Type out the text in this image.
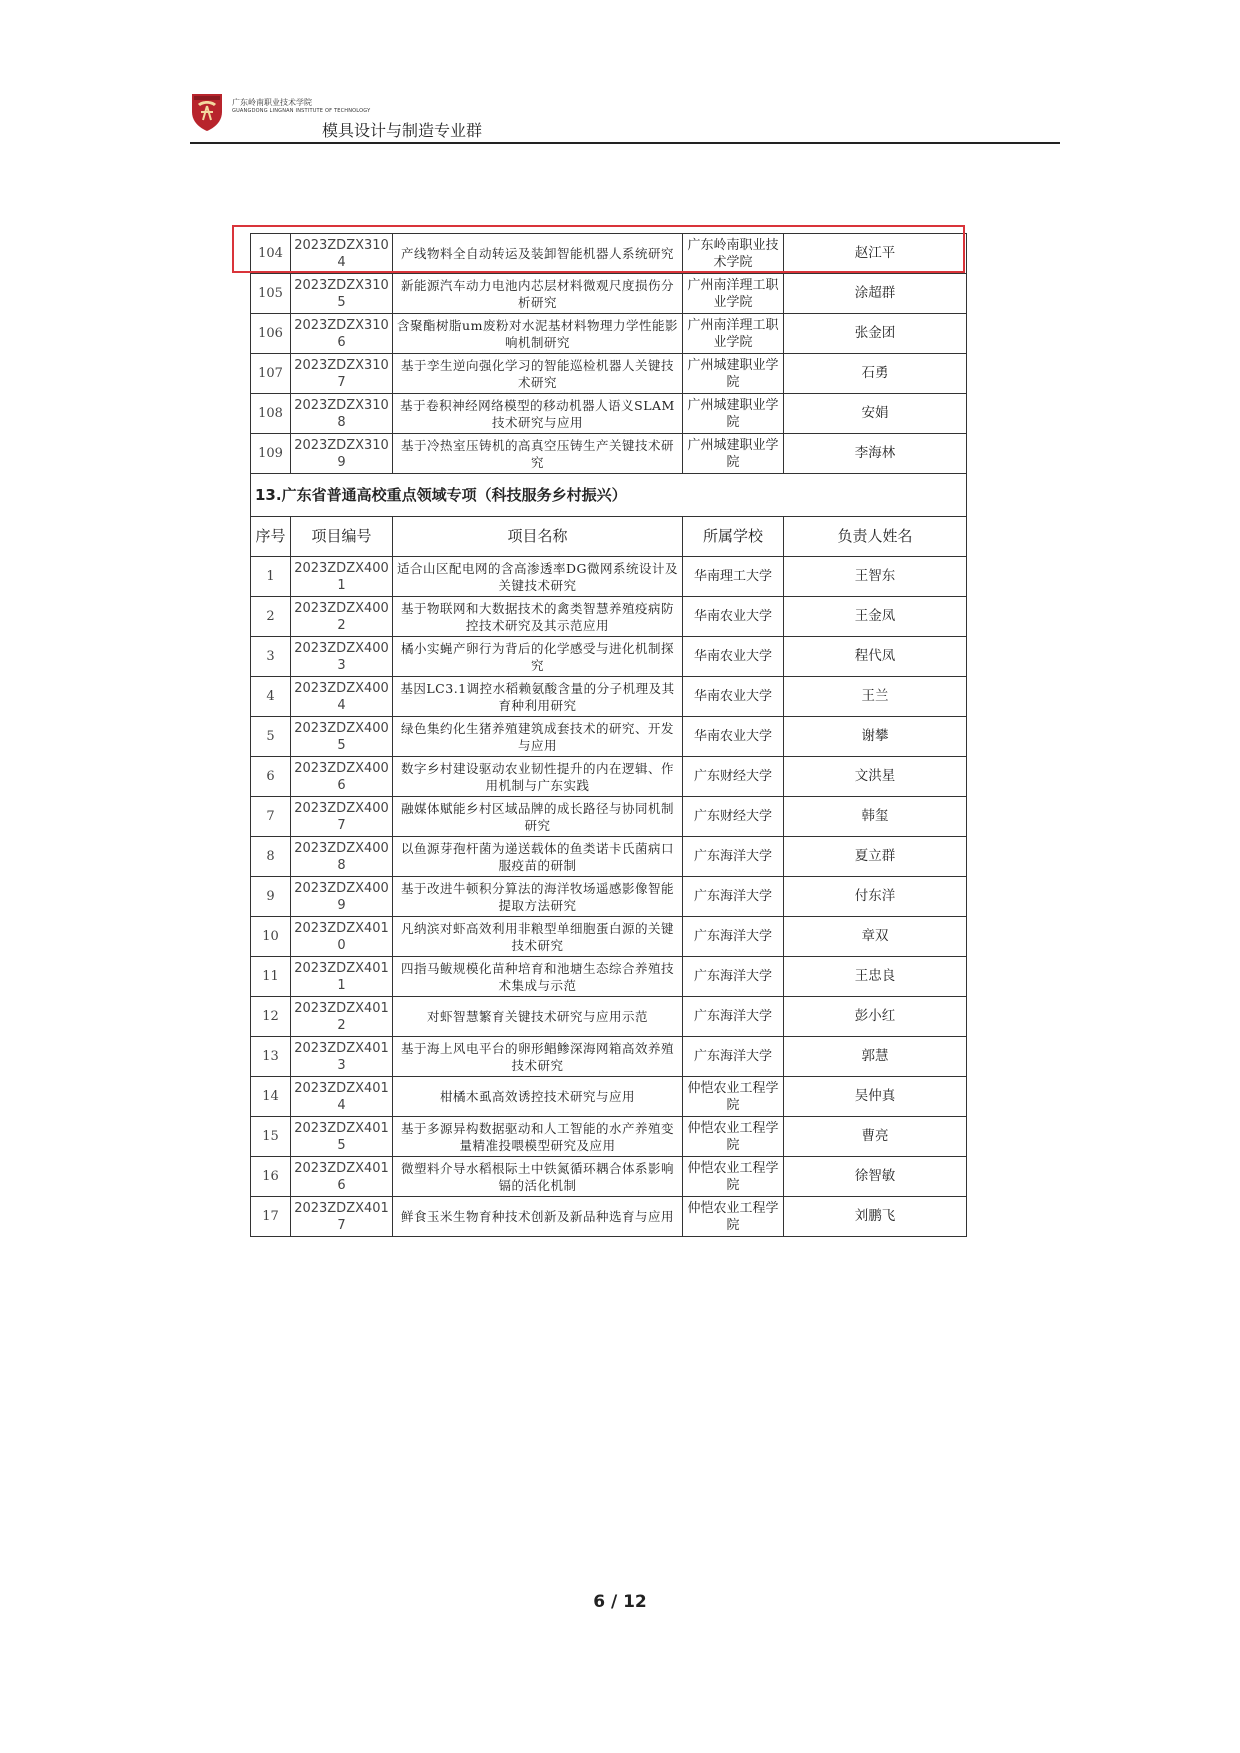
广东岭南职业技术学院
GUANGDONG LINGNAN INSTITUTE OF TECHNOLOGY
模具设计与制造专业群
104	2023ZDZX3104	产线物料全自动转运及装卸智能机器人系统研究	广东岭南职业技术学院	赵江平
105	2023ZDZX3105	新能源汽车动力电池内芯层材料微观尺度损伤分析研究	广州南洋理工职业学院	涂超群
106	2023ZDZX3106	含聚酯树脂um废粉对水泥基材料物理力学性能影响机制研究	广州南洋理工职业学院	张金团
107	2023ZDZX3107	基于孪生逆向强化学习的智能巡检机器人关键技术研究	广州城建职业学院	石勇
108	2023ZDZX3108	基于卷积神经网络模型的移动机器人语义SLAM技术研究与应用	广州城建职业学院	安娟
109	2023ZDZX3109	基于冷热室压铸机的高真空压铸生产关键技术研究	广州城建职业学院	李海林
13.广东省普通高校重点领域专项（科技服务乡村振兴）				
序号	项目编号	项目名称	所属学校	负责人姓名
1	2023ZDZX4001	适合山区配电网的含高渗透率DG微网系统设计及关键技术研究	华南理工大学	王智东
2	2023ZDZX4002	基于物联网和大数据技术的禽类智慧养殖疫病防控技术研究及其示范应用	华南农业大学	王金凤
3	2023ZDZX4003	橘小实蝇产卵行为背后的化学感受与进化机制探究	华南农业大学	程代凤
4	2023ZDZX4004	基因LC3.1调控水稻赖氨酸含量的分子机理及其育种利用研究	华南农业大学	王兰
5	2023ZDZX4005	绿色集约化生猪养殖建筑成套技术的研究、开发与应用	华南农业大学	谢攀
6	2023ZDZX4006	数字乡村建设驱动农业韧性提升的内在逻辑、作用机制与广东实践	广东财经大学	文洪星
7	2023ZDZX4007	融媒体赋能乡村区域品牌的成长路径与协同机制研究	广东财经大学	韩玺
8	2023ZDZX4008	以鱼源芽孢杆菌为递送载体的鱼类诺卡氏菌病口服疫苗的研制	广东海洋大学	夏立群
9	2023ZDZX4009	基于改进牛顿积分算法的海洋牧场遥感影像智能提取方法研究	广东海洋大学	付东洋
10	2023ZDZX4010	凡纳滨对虾高效利用非粮型单细胞蛋白源的关键技术研究	广东海洋大学	章双
11	2023ZDZX4011	四指马鲅规模化苗种培育和池塘生态综合养殖技术集成与示范	广东海洋大学	王忠良
12	2023ZDZX4012	对虾智慧繁育关键技术研究与应用示范	广东海洋大学	彭小红
13	2023ZDZX4013	基于海上风电平台的卵形鲳鲹深海网箱高效养殖技术研究	广东海洋大学	郭慧
14	2023ZDZX4014	柑橘木虱高效诱控技术研究与应用	仲恺农业工程学院	吴仲真
15	2023ZDZX4015	基于多源异构数据驱动和人工智能的水产养殖变量精准投喂模型研究及应用	仲恺农业工程学院	曹亮
16	2023ZDZX4016	微塑料介导水稻根际土中铁氮循环耦合体系影响镉的活化机制	仲恺农业工程学院	徐智敏
17	2023ZDZX4017	鲜食玉米生物育种技术创新及新品种选育与应用	仲恺农业工程学院	刘鹏飞
6 / 12
